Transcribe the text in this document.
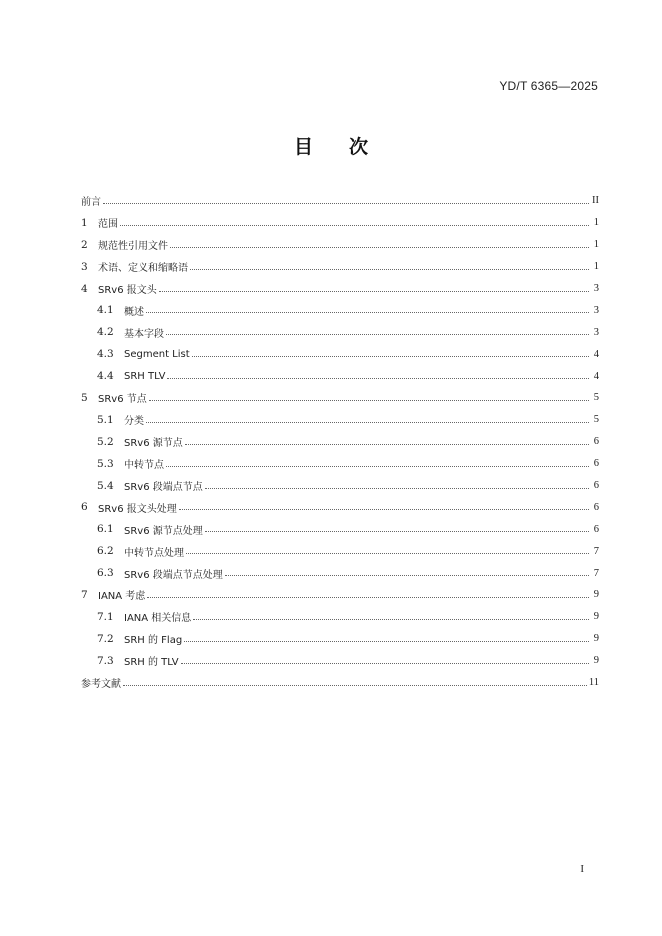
YD/T 6365—2025
目 次
前言	II
1	范围	1
2	规范性引用文件	1
3	术语、定义和缩略语	1
4	SRv6 报文头	3
4.1	概述	3
4.2	基本字段	3
4.3	Segment List	4
4.4	SRH TLV	4
5	SRv6 节点	5
5.1	分类	5
5.2	SRv6 源节点	6
5.3	中转节点	6
5.4	SRv6 段端点节点	6
6	SRv6 报文头处理	6
6.1	SRv6 源节点处理	6
6.2	中转节点处理	7
6.3	SRv6 段端点节点处理	7
7	IANA 考虑	9
7.1	IANA 相关信息	9
7.2	SRH 的 Flag	9
7.3	SRH 的 TLV	9
参考文献	11
I
